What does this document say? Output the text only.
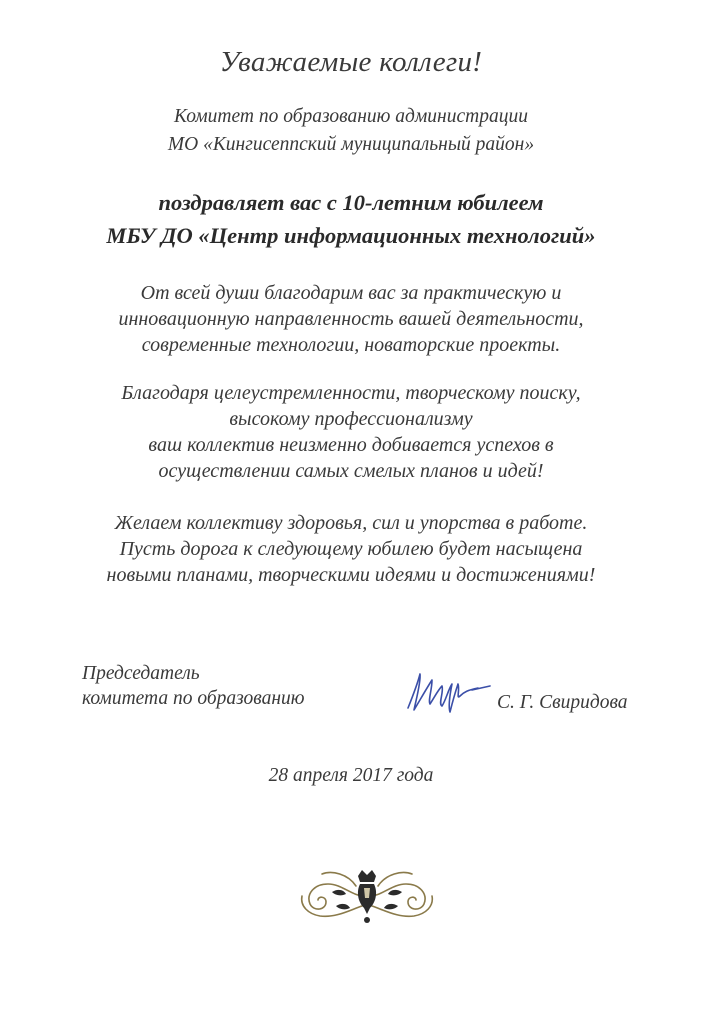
Уважаемые коллеги!
Комитет по образованию администрации
МО «Кингисеппский муниципальный район»
поздравляет вас с 10-летним юбилеем
МБУ ДО «Центр информационных технологий»
От всей души благодарим вас за практическую и
инновационную направленность вашей деятельности,
современные технологии, новаторские проекты.
Благодаря целеустремленности, творческому поиску,
высокому профессионализму
ваш коллектив неизменно добивается успехов в
осуществлении самых смелых планов и идей!
Желаем коллективу здоровья, сил и упорства в работе.
Пусть дорога к следующему юбилею будет насыщена
новыми планами, творческими идеями и достижениями!
Председатель
комитета по образованию	С. Г. Свиридова
28 апреля 2017 года
